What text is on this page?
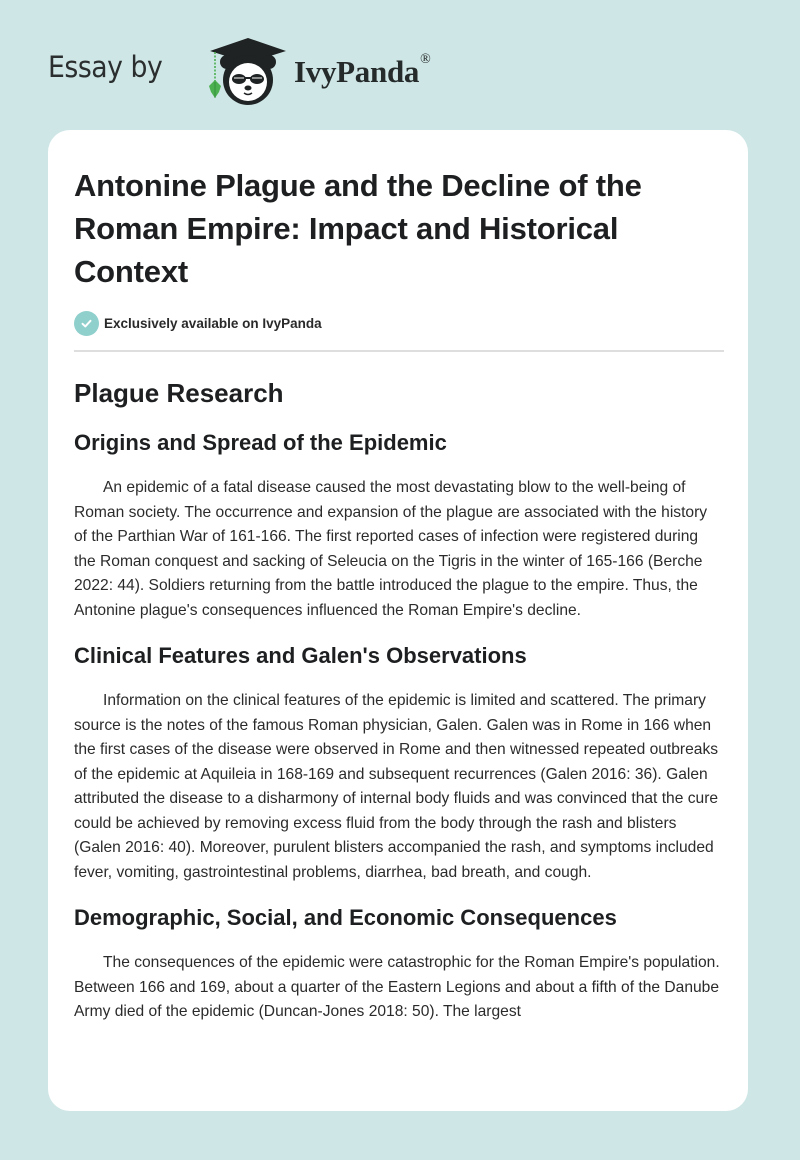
Essay by	IvyPanda®
Antonine Plague and the Decline of the Roman Empire: Impact and Historical Context
Exclusively available on IvyPanda
Plague Research
Origins and Spread of the Epidemic

An epidemic of a fatal disease caused the most devastating blow to the well-being of Roman society. The occurrence and expansion of the plague are associated with the history of the Parthian War of 161-166. The first reported cases of infection were registered during the Roman conquest and sacking of Seleucia on the Tigris in the winter of 165-166 (Berche 2022: 44). Soldiers returning from the battle introduced the plague to the empire. Thus, the Antonine plague's consequences influenced the Roman Empire's decline.

Clinical Features and Galen's Observations

Information on the clinical features of the epidemic is limited and scattered. The primary source is the notes of the famous Roman physician, Galen. Galen was in Rome in 166 when the first cases of the disease were observed in Rome and then witnessed repeated outbreaks of the epidemic at Aquileia in 168-169 and subsequent recurrences (Galen 2016: 36). Galen attributed the disease to a disharmony of internal body fluids and was convinced that the cure could be achieved by removing excess fluid from the body through the rash and blisters (Galen 2016: 40). Moreover, purulent blisters accompanied the rash, and symptoms included fever, vomiting, gastrointestinal problems, diarrhea, bad breath, and cough.

Demographic, Social, and Economic Consequences

The consequences of the epidemic were catastrophic for the Roman Empire's population. Between 166 and 169, about a quarter of the Eastern Legions and about a fifth of the Danube Army died of the epidemic (Duncan-Jones 2018: 50). The largest
